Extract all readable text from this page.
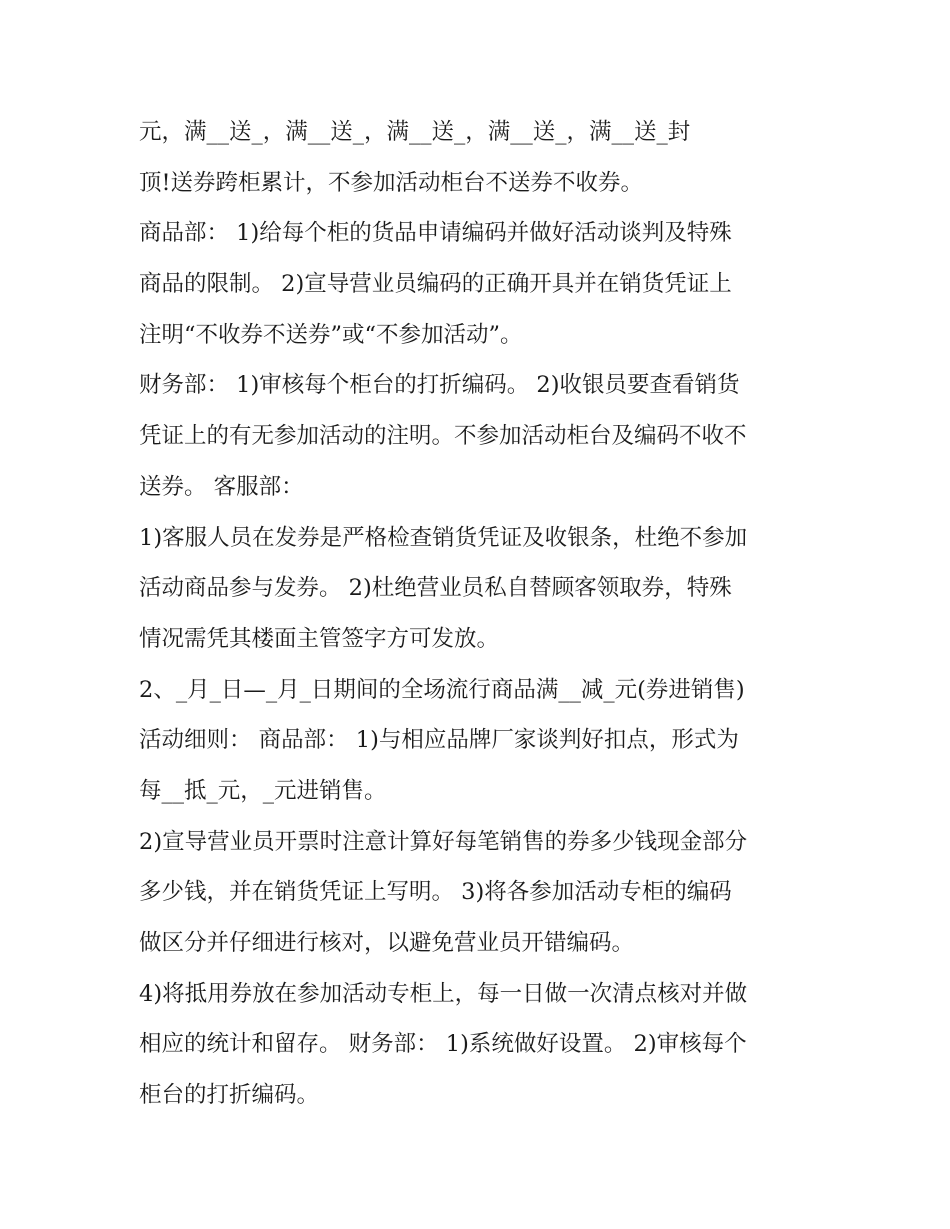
元，满__送_，满__送_，满__送_，满__送_，满__送_封
顶!送券跨柜累计，不参加活动柜台不送券不收券。
商品部： 1)给每个柜的货品申请编码并做好活动谈判及特殊
商品的限制。 2)宣导营业员编码的正确开具并在销货凭证上
注明“不收券不送券”或“不参加活动”。
财务部： 1)审核每个柜台的打折编码。 2)收银员要查看销货
凭证上的有无参加活动的注明。不参加活动柜台及编码不收不
送券。 客服部：
1)客服人员在发券是严格检查销货凭证及收银条，杜绝不参加
活动商品参与发券。 2)杜绝营业员私自替顾客领取券，特殊
情况需凭其楼面主管签字方可发放。
2、_月_日—_月_日期间的全场流行商品满__减_元(券进销售)
活动细则： 商品部： 1)与相应品牌厂家谈判好扣点，形式为
每__抵_元，_元进销售。
2)宣导营业员开票时注意计算好每笔销售的券多少钱现金部分
多少钱，并在销货凭证上写明。 3)将各参加活动专柜的编码
做区分并仔细进行核对，以避免营业员开错编码。
4)将抵用券放在参加活动专柜上，每一日做一次清点核对并做
相应的统计和留存。 财务部： 1)系统做好设置。 2)审核每个
柜台的打折编码。
